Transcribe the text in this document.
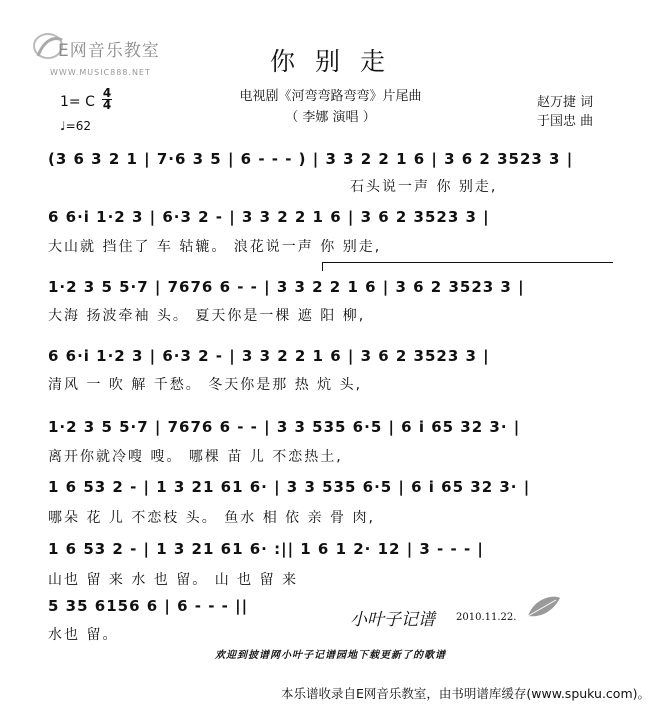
E网音乐教室
WWW.MUSIC888.NET	你 别 走
电视剧《河弯弯路弯弯》片尾曲
（ 李娜 演唱 ）
赵万捷 词
于国忠 曲
1= C
4
4
♩=62
(3 6 3 2 1 | 7·6 3 5 | 6 - - - ) | 3 3 2 2 1 6 | 3 6 2 3523 3 |
石头说一声 你 别走,
6 6·i 1·2 3 | 6·3 2 - | 3 3 2 2 1 6 | 3 6 2 3523 3 |
大山就 挡住了 车 轱辘。 浪花说一声 你 别走,
1·2 3 5 5·7 | 7676 6 - - | 3 3 2 2 1 6 | 3 6 2 3523 3 |
大海 扬波牵袖 头。 夏天你是一棵 遮 阳 柳,
6 6·i 1·2 3 | 6·3 2 - | 3 3 2 2 1 6 | 3 6 2 3523 3 |
清风 一 吹 解 千愁。 冬天你是那 热 炕 头,
1·2 3 5 5·7 | 7676 6 - - | 3 3 535 6·5 | 6 i 65 32 3· |
离开你就冷嗖 嗖。 哪棵 苗 儿 不恋热土,
1 6 53 2 - | 1 3 21 61 6· | 3 3 535 6·5 | 6 i 65 32 3· |
哪朵 花 儿 不恋枝 头。 鱼水 相 依 亲 骨 肉,
1 6 53 2 - | 1 3 21 61 6· :|| 1 6 1 2· 12 | 3 - - - |
山也 留 来 水 也 留。 山 也 留 来
5 35 6156 6 | 6 - - - ||
水也 留。
小叶子记谱 2010.11.22.
欢迎到披谱网小叶子记谱园地下载更新了的歌谱
本乐谱收录自E网音乐教室，由书明谱库缓存(www.spuku.com)。
